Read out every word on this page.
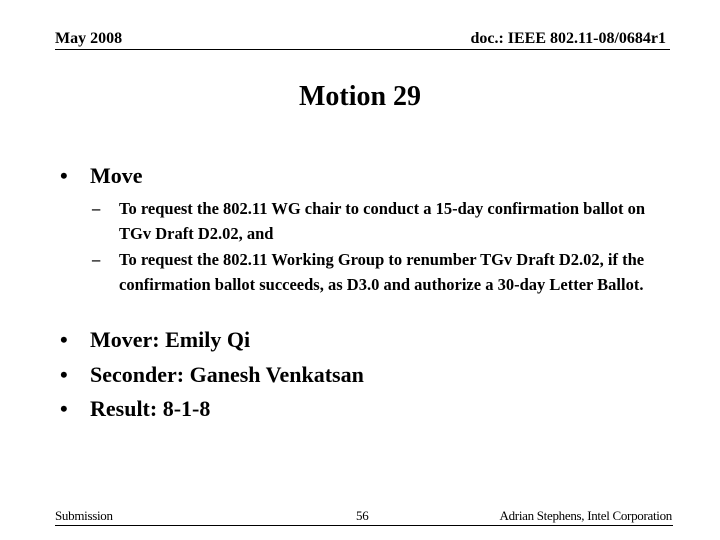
May 2008	doc.: IEEE 802.11-08/0684r1
Motion 29
• Move
– To request the 802.11 WG chair to conduct a 15-day confirmation ballot on TGv Draft D2.02, and
– To request the 802.11 Working Group to renumber TGv Draft D2.02, if the confirmation ballot succeeds, as D3.0 and authorize a 30-day Letter Ballot.
• Mover: Emily Qi
• Seconder: Ganesh Venkatsan
• Result: 8-1-8
Submission	56	Adrian Stephens, Intel Corporation
